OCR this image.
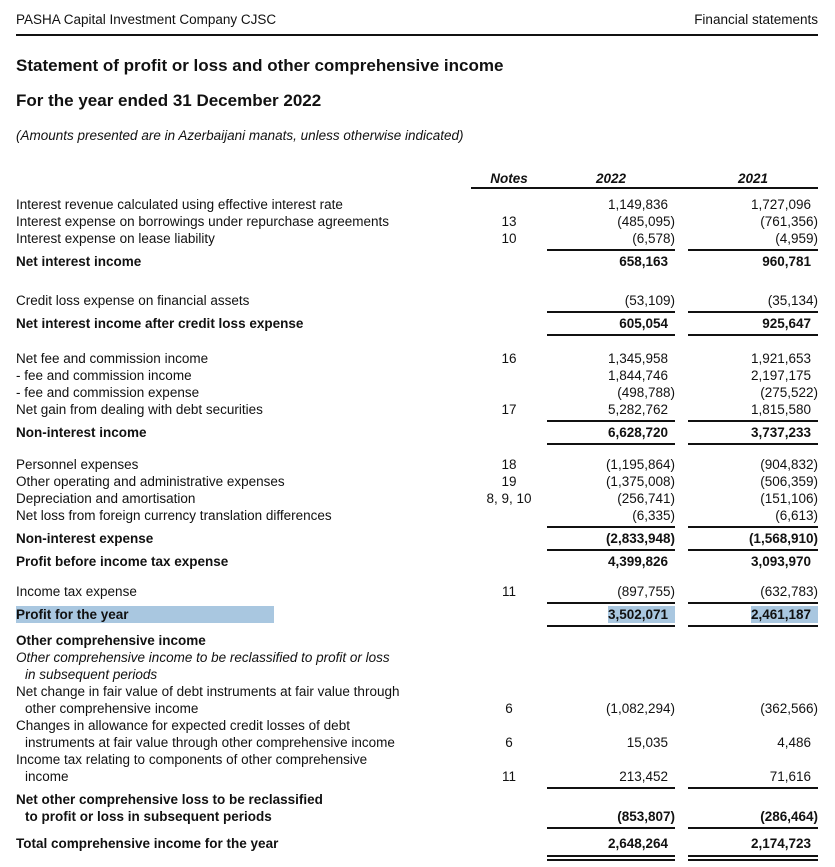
PASHA Capital Investment Company CJSC	Financial statements
Statement of profit or loss and other comprehensive income
For the year ended 31 December 2022
(Amounts presented are in Azerbaijani manats, unless otherwise indicated)
Notes	2022	2021
Interest revenue calculated using effective interest rate	1,149,836	1,727,096
Interest expense on borrowings under repurchase agreements	13	(485,095)	(761,356)
Interest expense on lease liability	10	(6,578)	(4,959)
Net interest income	658,163	960,781
Credit loss expense on financial assets	(53,109)	(35,134)
Net interest income after credit loss expense	605,054	925,647
Net fee and commission income	16	1,345,958	1,921,653
- fee and commission income	1,844,746	2,197,175
- fee and commission expense	(498,788)	(275,522)
Net gain from dealing with debt securities	17	5,282,762	1,815,580
Non-interest income	6,628,720	3,737,233
Personnel expenses	18	(1,195,864)	(904,832)
Other operating and administrative expenses	19	(1,375,008)	(506,359)
Depreciation and amortisation	8, 9, 10	(256,741)	(151,106)
Net loss from foreign currency translation differences	(6,335)	(6,613)
Non-interest expense	(2,833,948)	(1,568,910)
Profit before income tax expense	4,399,826	3,093,970
Income tax expense	11	(897,755)	(632,783)
Profit for the year	3,502,071	2,461,187
Other comprehensive income
Other comprehensive income to be reclassified to profit or loss
in subsequent periods
Net change in fair value of debt instruments at fair value through
other comprehensive income	6	(1,082,294)	(362,566)
Changes in allowance for expected credit losses of debt
instruments at fair value through other comprehensive income	6	15,035	4,486
Income tax relating to components of other comprehensive
income	11	213,452	71,616
Net other comprehensive loss to be reclassified
to profit or loss in subsequent periods	(853,807)	(286,464)
Total comprehensive income for the year	2,648,264	2,174,723
